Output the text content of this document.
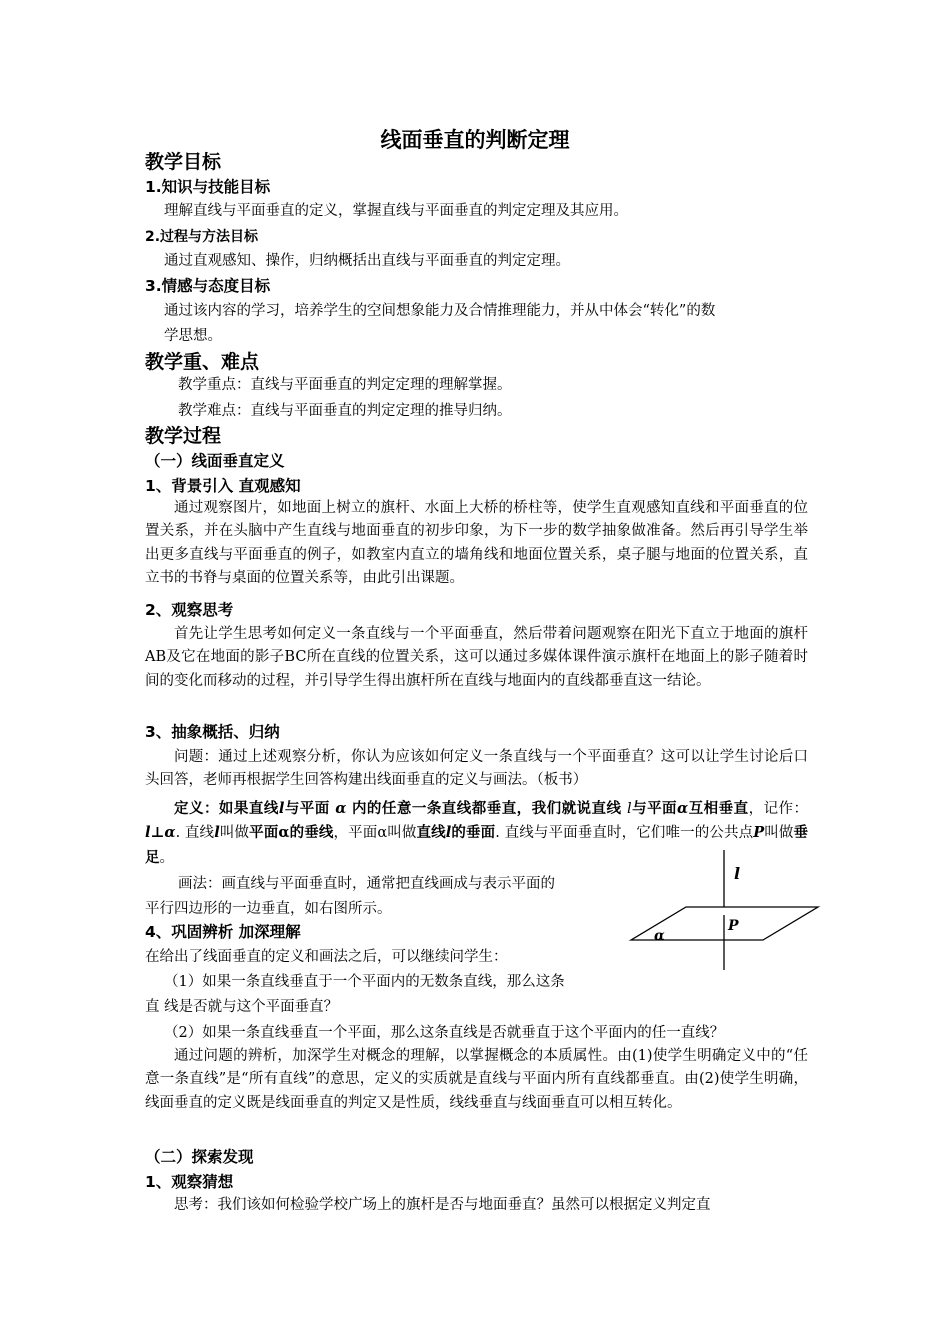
线面垂直的判断定理
教学目标
1.知识与技能目标
理解直线与平面垂直的定义，掌握直线与平面垂直的判定定理及其应用。
2.过程与方法目标
通过直观感知、操作，归纳概括出直线与平面垂直的判定定理。
3.情感与态度目标
通过该内容的学习，培养学生的空间想象能力及合情推理能力，并从中体会“转化”的数
学思想。
教学重、难点
教学重点：直线与平面垂直的判定定理的理解掌握。
教学难点：直线与平面垂直的判定定理的推导归纳。
教学过程
（一）线面垂直定义
1、背景引入 直观感知
通过观察图片，如地面上树立的旗杆、水面上大桥的桥柱等，使学生直观感知直线和平面垂直的位置关系，并在头脑中产生直线与地面垂直的初步印象，为下一步的数学抽象做准备。然后再引导学生举出更多直线与平面垂直的例子，如教室内直立的墙角线和地面位置关系，桌子腿与地面的位置关系，直立书的书脊与桌面的位置关系等，由此引出课题。
2、观察思考
首先让学生思考如何定义一条直线与一个平面垂直，然后带着问题观察在阳光下直立于地面的旗杆AB及它在地面的影子BC所在直线的位置关系，这可以通过多媒体课件演示旗杆在地面上的影子随着时间的变化而移动的过程，并引导学生得出旗杆所在直线与地面内的直线都垂直这一结论。
3、抽象概括、归纳
问题：通过上述观察分析，你认为应该如何定义一条直线与一个平面垂直？这可以让学生讨论后口头回答，老师再根据学生回答构建出线面垂直的定义与画法。（板书）
定义：如果直线l与平面 α 内的任意一条直线都垂直，我们就说直线 l与平面α互相垂直，记作：l⊥α. 直线l叫做平面α的垂线，平面α叫做直线l的垂面. 直线与平面垂直时，它们唯一的公共点P叫做垂足。
画法：画直线与平面垂直时，通常把直线画成与表示平面的
平行四边形的一边垂直，如右图所示。
l
P
α
4、巩固辨析 加深理解
在给出了线面垂直的定义和画法之后，可以继续问学生：
（1）如果一条直线垂直于一个平面内的无数条直线，那么这条
直 线是否就与这个平面垂直？
（2）如果一条直线垂直一个平面，那么这条直线是否就垂直于这个平面内的任一直线？
通过问题的辨析，加深学生对概念的理解，以掌握概念的本质属性。由(1)使学生明确定义中的“任意一条直线”是“所有直线”的意思，定义的实质就是直线与平面内所有直线都垂直。由(2)使学生明确，线面垂直的定义既是线面垂直的判定又是性质，线线垂直与线面垂直可以相互转化。
（二）探索发现
1、观察猜想
思考：我们该如何检验学校广场上的旗杆是否与地面垂直？虽然可以根据定义判定直
